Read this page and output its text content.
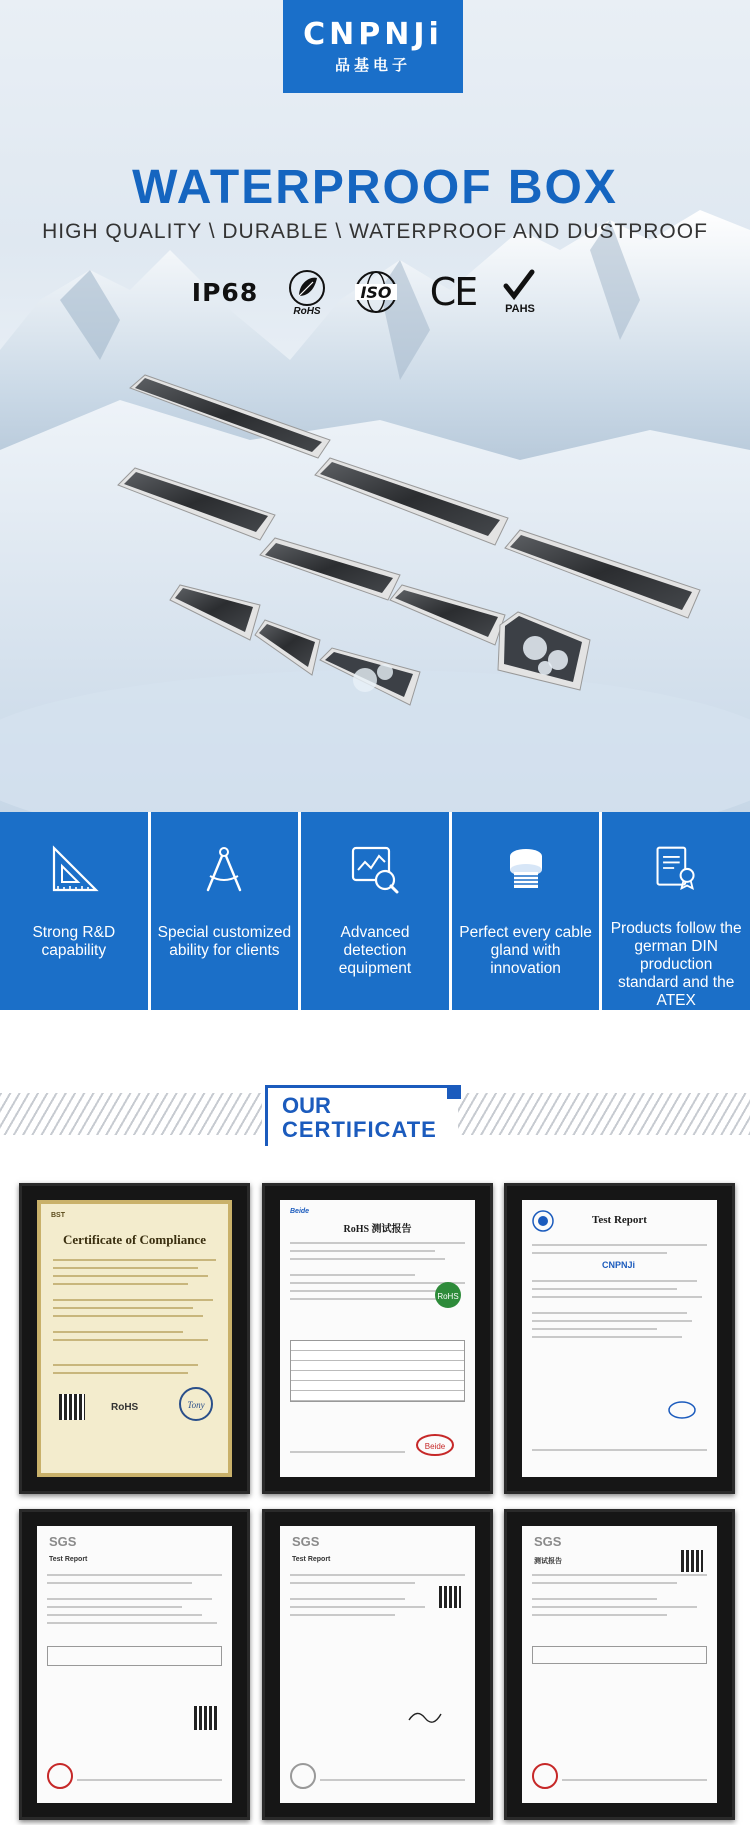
CNPNJi
品基电子
WATERPROOF BOX
HIGH QUALITY \ DURABLE \ WATERPROOF AND DUSTPROOF
IP68
RoHS
ISO CE	PAHS
Strong R&D capability
Special customized ability for clients
Advanced detection equipment
Perfect every cable gland with innovation
Products follow the german DIN production standard and the ATEX
OUR
CERTIFICATE
BST
Certificate of Compliance
RoHS	Tony
Beide
RoHS 测试报告
RoHS
Beide
Test Report
CNPNJi
SGS
Test Report
SGS
Test Report
SGS
测试报告
